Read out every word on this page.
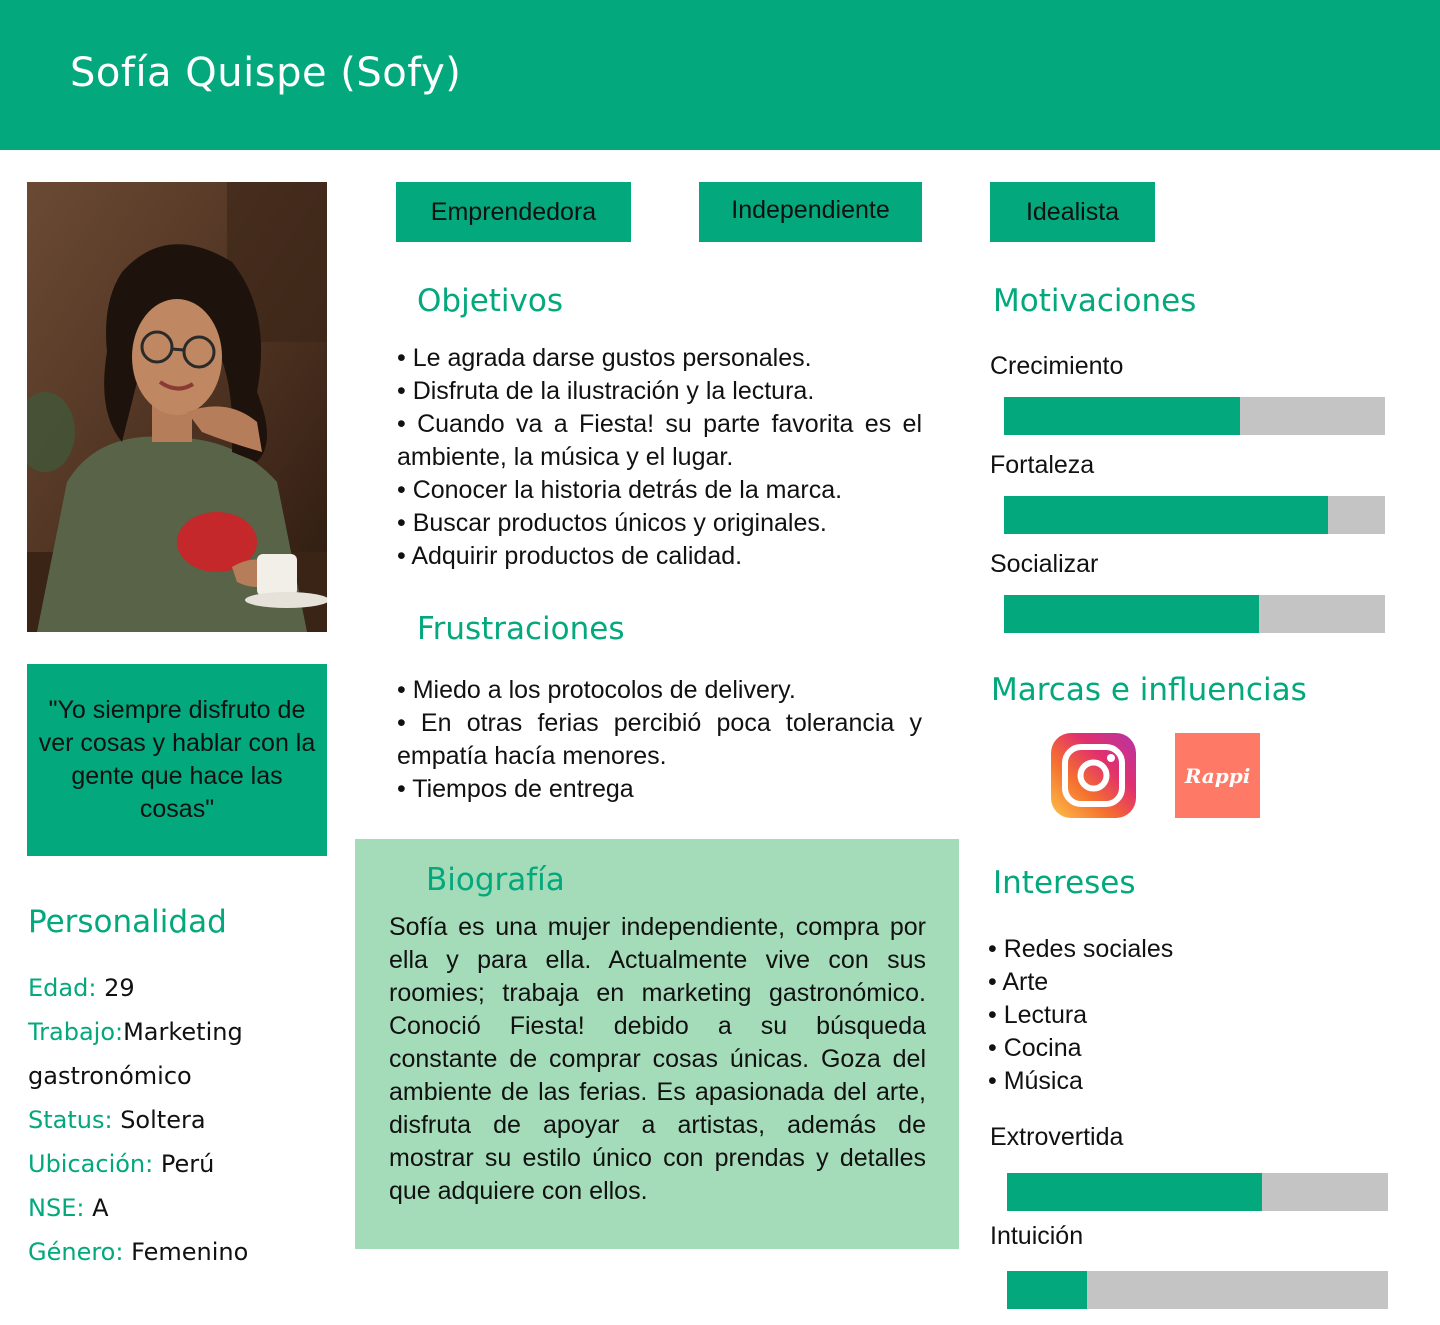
Sofía Quispe (Sofy)
"Yo siempre disfruto de ver cosas y hablar con la gente que hace las cosas"
Personalidad
Edad: 29
Trabajo:Marketing gastronómico
Status: Soltera
Ubicación: Perú
NSE: A
Género: Femenino
Emprendedora	Independiente	Idealista
Objetivos
• Le agrada darse gustos personales.
• Disfruta de la ilustración y la lectura.
• Cuando va a Fiesta! su parte favorita es el ambiente, la música y el lugar.
• Conocer la historia detrás de la marca.
• Buscar productos únicos y originales.
• Adquirir productos de calidad.
Frustraciones
• Miedo a los protocolos de delivery.
• En otras ferias percibió poca tolerancia y empatía hacía menores.
• Tiempos de entrega
Biografía
Sofía es una mujer independiente, compra por ella y para ella. Actualmente vive con sus roomies; trabaja en marketing gastronómico. Conoció Fiesta! debido a su búsqueda constante de comprar cosas únicas. Goza del ambiente de las ferias. Es apasionada del arte, disfruta de apoyar a artistas, además de mostrar su estilo único con prendas y detalles que adquiere con ellos.
Motivaciones
Crecimiento
Fortaleza
Socializar
Marcas e influencias
Rappi
Intereses
• Redes sociales
• Arte
• Lectura
• Cocina
• Música
Extrovertida
Intuición
